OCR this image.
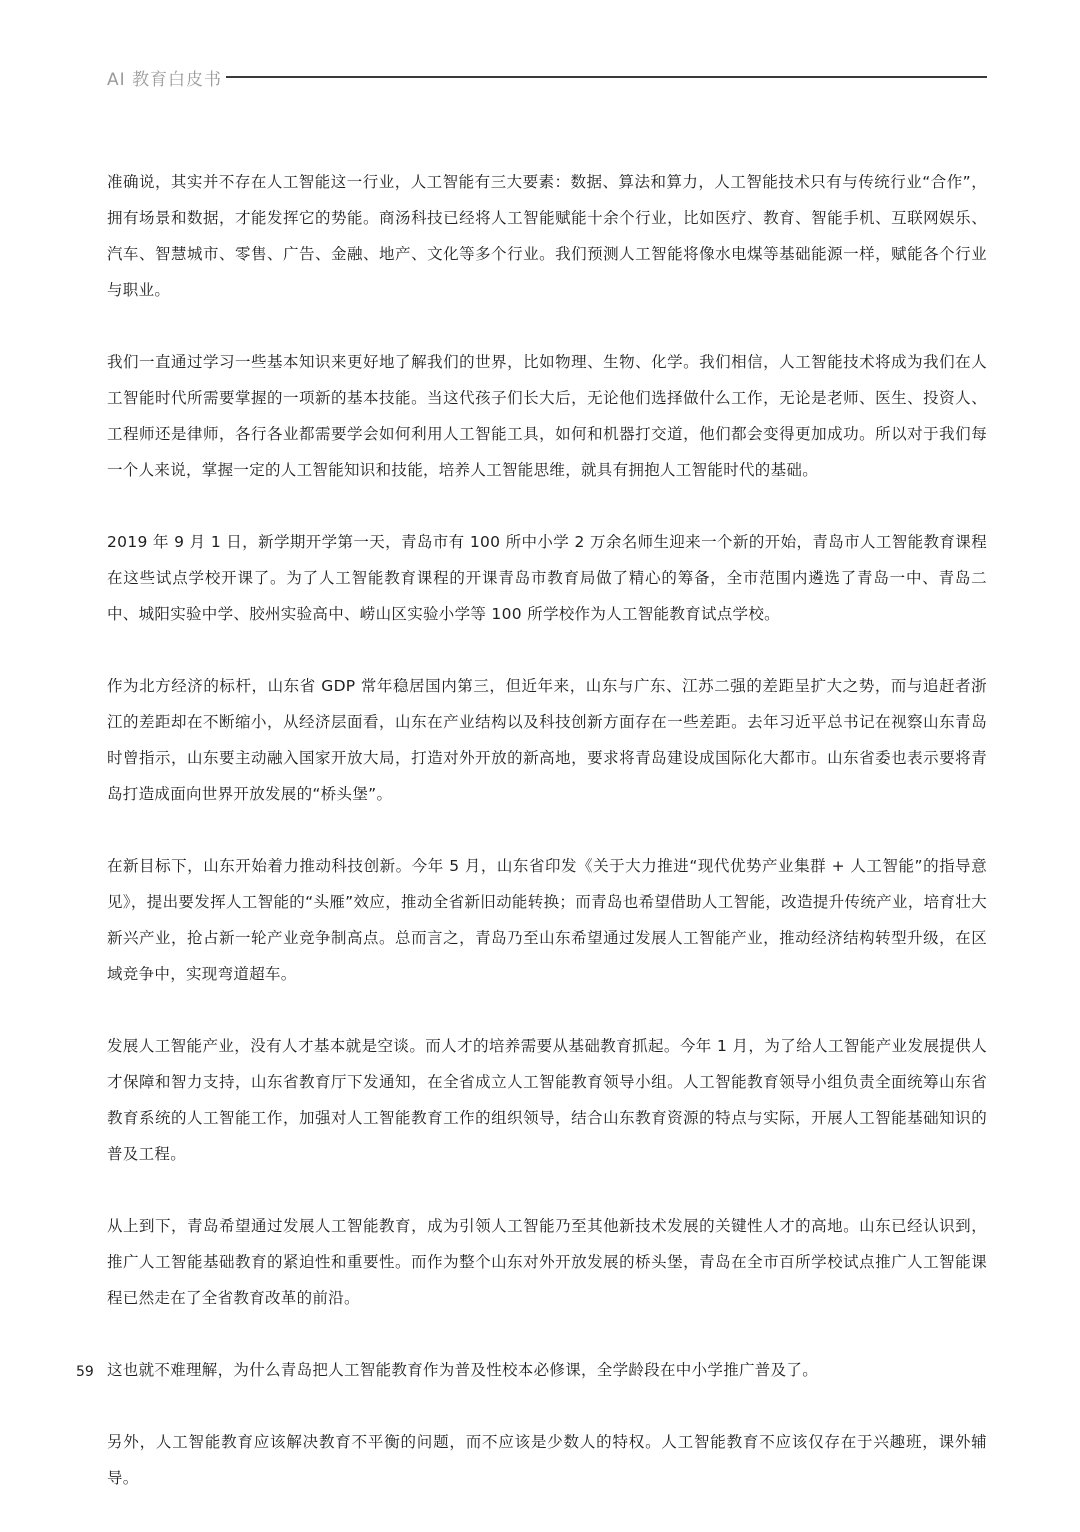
AI 教育白皮书

准确说，其实并不存在人工智能这一行业，人工智能有三大要素：数据、算法和算力，人工智能技术只有与传统行业“合作”，拥有场景和数据，才能发挥它的势能。商汤科技已经将人工智能赋能十余个行业，比如医疗、教育、智能手机、互联网娱乐、汽车、智慧城市、零售、广告、金融、地产、文化等多个行业。我们预测人工智能将像水电煤等基础能源一样，赋能各个行业与职业。

我们一直通过学习一些基本知识来更好地了解我们的世界，比如物理、生物、化学。我们相信，人工智能技术将成为我们在人工智能时代所需要掌握的一项新的基本技能。当这代孩子们长大后，无论他们选择做什么工作，无论是老师、医生、投资人、工程师还是律师，各行各业都需要学会如何利用人工智能工具，如何和机器打交道，他们都会变得更加成功。所以对于我们每一个人来说，掌握一定的人工智能知识和技能，培养人工智能思维，就具有拥抱人工智能时代的基础。

2019 年 9 月 1 日，新学期开学第一天，青岛市有 100 所中小学 2 万余名师生迎来一个新的开始，青岛市人工智能教育课程在这些试点学校开课了。为了人工智能教育课程的开课青岛市教育局做了精心的筹备，全市范围内遴选了青岛一中、青岛二中、城阳实验中学、胶州实验高中、崂山区实验小学等 100 所学校作为人工智能教育试点学校。

作为北方经济的标杆，山东省 GDP 常年稳居国内第三，但近年来，山东与广东、江苏二强的差距呈扩大之势，而与追赶者浙江的差距却在不断缩小，从经济层面看，山东在产业结构以及科技创新方面存在一些差距。去年习近平总书记在视察山东青岛时曾指示，山东要主动融入国家开放大局，打造对外开放的新高地，要求将青岛建设成国际化大都市。山东省委也表示要将青岛打造成面向世界开放发展的“桥头堡”。

在新目标下，山东开始着力推动科技创新。今年 5 月，山东省印发《关于大力推进“现代优势产业集群 + 人工智能”的指导意见》，提出要发挥人工智能的“头雁”效应，推动全省新旧动能转换；而青岛也希望借助人工智能，改造提升传统产业，培育壮大新兴产业，抢占新一轮产业竞争制高点。总而言之，青岛乃至山东希望通过发展人工智能产业，推动经济结构转型升级，在区域竞争中，实现弯道超车。

发展人工智能产业，没有人才基本就是空谈。而人才的培养需要从基础教育抓起。今年 1 月，为了给人工智能产业发展提供人才保障和智力支持，山东省教育厅下发通知，在全省成立人工智能教育领导小组。人工智能教育领导小组负责全面统筹山东省教育系统的人工智能工作，加强对人工智能教育工作的组织领导，结合山东教育资源的特点与实际，开展人工智能基础知识的普及工程。

从上到下，青岛希望通过发展人工智能教育，成为引领人工智能乃至其他新技术发展的关键性人才的高地。山东已经认识到，推广人工智能基础教育的紧迫性和重要性。而作为整个山东对外开放发展的桥头堡，青岛在全市百所学校试点推广人工智能课程已然走在了全省教育改革的前沿。

这也就不难理解，为什么青岛把人工智能教育作为普及性校本必修课，全学龄段在中小学推广普及了。

另外，人工智能教育应该解决教育不平衡的问题，而不应该是少数人的特权。人工智能教育不应该仅存在于兴趣班，课外辅导。

59
